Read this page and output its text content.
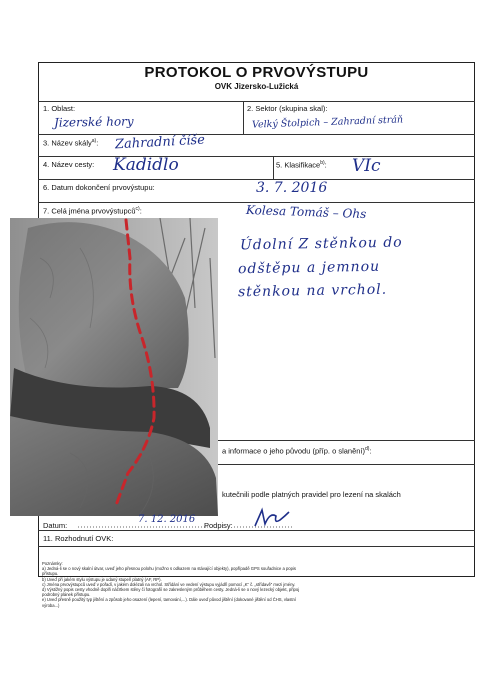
PROTOKOL O PRVOVÝSTUPU
OVK Jizersko-Lužická
1. Oblast:
Jizerské hory
2. Sektor (skupina skal):
Velký Štolpich – Zahradní stráň
3. Název skály$^{a)}$: Zahradní číše
4. Název cesty: Kadidlo	5. Klasifikace$^{b)}$: VIc
6. Datum dokončení prvovýstupu:	3. 7. 2016
7. Celá jména prvovýstupců$^{c)}$:	Kolesa Tomáš – Ohs
Údolní Z stěnkou do
odštěpu a jemnou
stěnkou na vrchol.
a informace o jeho původu (příp. o slanění)$^{d)}$:
kutečnili podle platných pravidel pro lezení na skalách
Datum:
7. 12. 2016
Podpisy:
11. Rozhodnutí OVK:
Poznámky:
a) Jedná-li se o nový skalní útvar, uveď jeho přesnou polohu (možno s odkazem na stávající objekty), popřípadě GPS souřadnice a popis
přístupu.
b) Uveď při jakém stylu výstupu je udaný stupeň platný (AF, RP).
c) Jména prvovýstupců uveď v pořadí, v jakém dolézali na vrchol. Střídání ve vedení výstupu vyjádři pomocí „K“ č. „střídavě“ mezi jmény.
d) Výstižný popis cesty vhodně doplň náčrtkem stěny či fotografií se zakresleným průběhem cesty. Jedná-li se o nový lezecký objekt, připoj
podrobný plánek přístupu.
e) Uveď přesně použitý typ jištění a způsob jeho osazení (lepení, tamování,...). Dále uveď původ jištění (dokované jištění od ČHS, vlastní
výroba...)
